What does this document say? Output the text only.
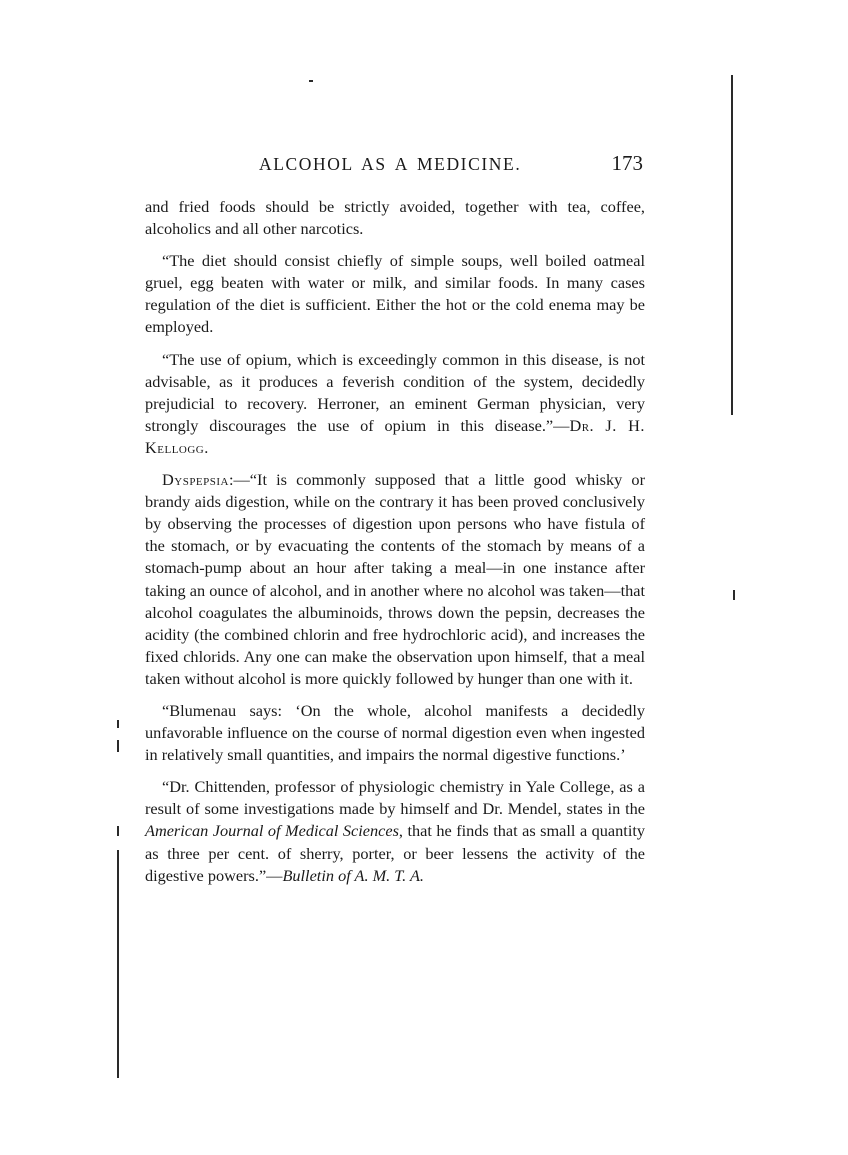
ALCOHOL AS A MEDICINE.	173

and fried foods should be strictly avoided, together with tea, coffee, alcoholics and all other narcotics.

“The diet should consist chiefly of simple soups, well boiled oatmeal gruel, egg beaten with water or milk, and similar foods. In many cases regulation of the diet is sufficient. Either the hot or the cold enema may be employed.

“The use of opium, which is exceedingly common in this disease, is not advisable, as it produces a feverish condition of the system, decidedly prejudicial to recovery. Herroner, an eminent German physician, very strongly discourages the use of opium in this disease.”—Dr. J. H. Kellogg.

Dyspepsia:—“It is commonly supposed that a little good whisky or brandy aids digestion, while on the contrary it has been proved conclusively by observing the processes of digestion upon persons who have fistula of the stomach, or by evacuating the contents of the stomach by means of a stomach-pump about an hour after taking a meal—in one instance after taking an ounce of alcohol, and in another where no alcohol was taken—that alcohol coagulates the albuminoids, throws down the pepsin, decreases the acidity (the combined chlorin and free hydrochloric acid), and increases the fixed chlorids. Any one can make the observation upon himself, that a meal taken without alcohol is more quickly followed by hunger than one with it.

“Blumenau says: ‘On the whole, alcohol manifests a decidedly unfavorable influence on the course of normal digestion even when ingested in relatively small quantities, and impairs the normal digestive functions.’

“Dr. Chittenden, professor of physiologic chemistry in Yale College, as a result of some investigations made by himself and Dr. Mendel, states in the American Journal of Medical Sciences, that he finds that as small a quantity as three per cent. of sherry, porter, or beer lessens the activity of the digestive powers.”—Bulletin of A. M. T. A.
